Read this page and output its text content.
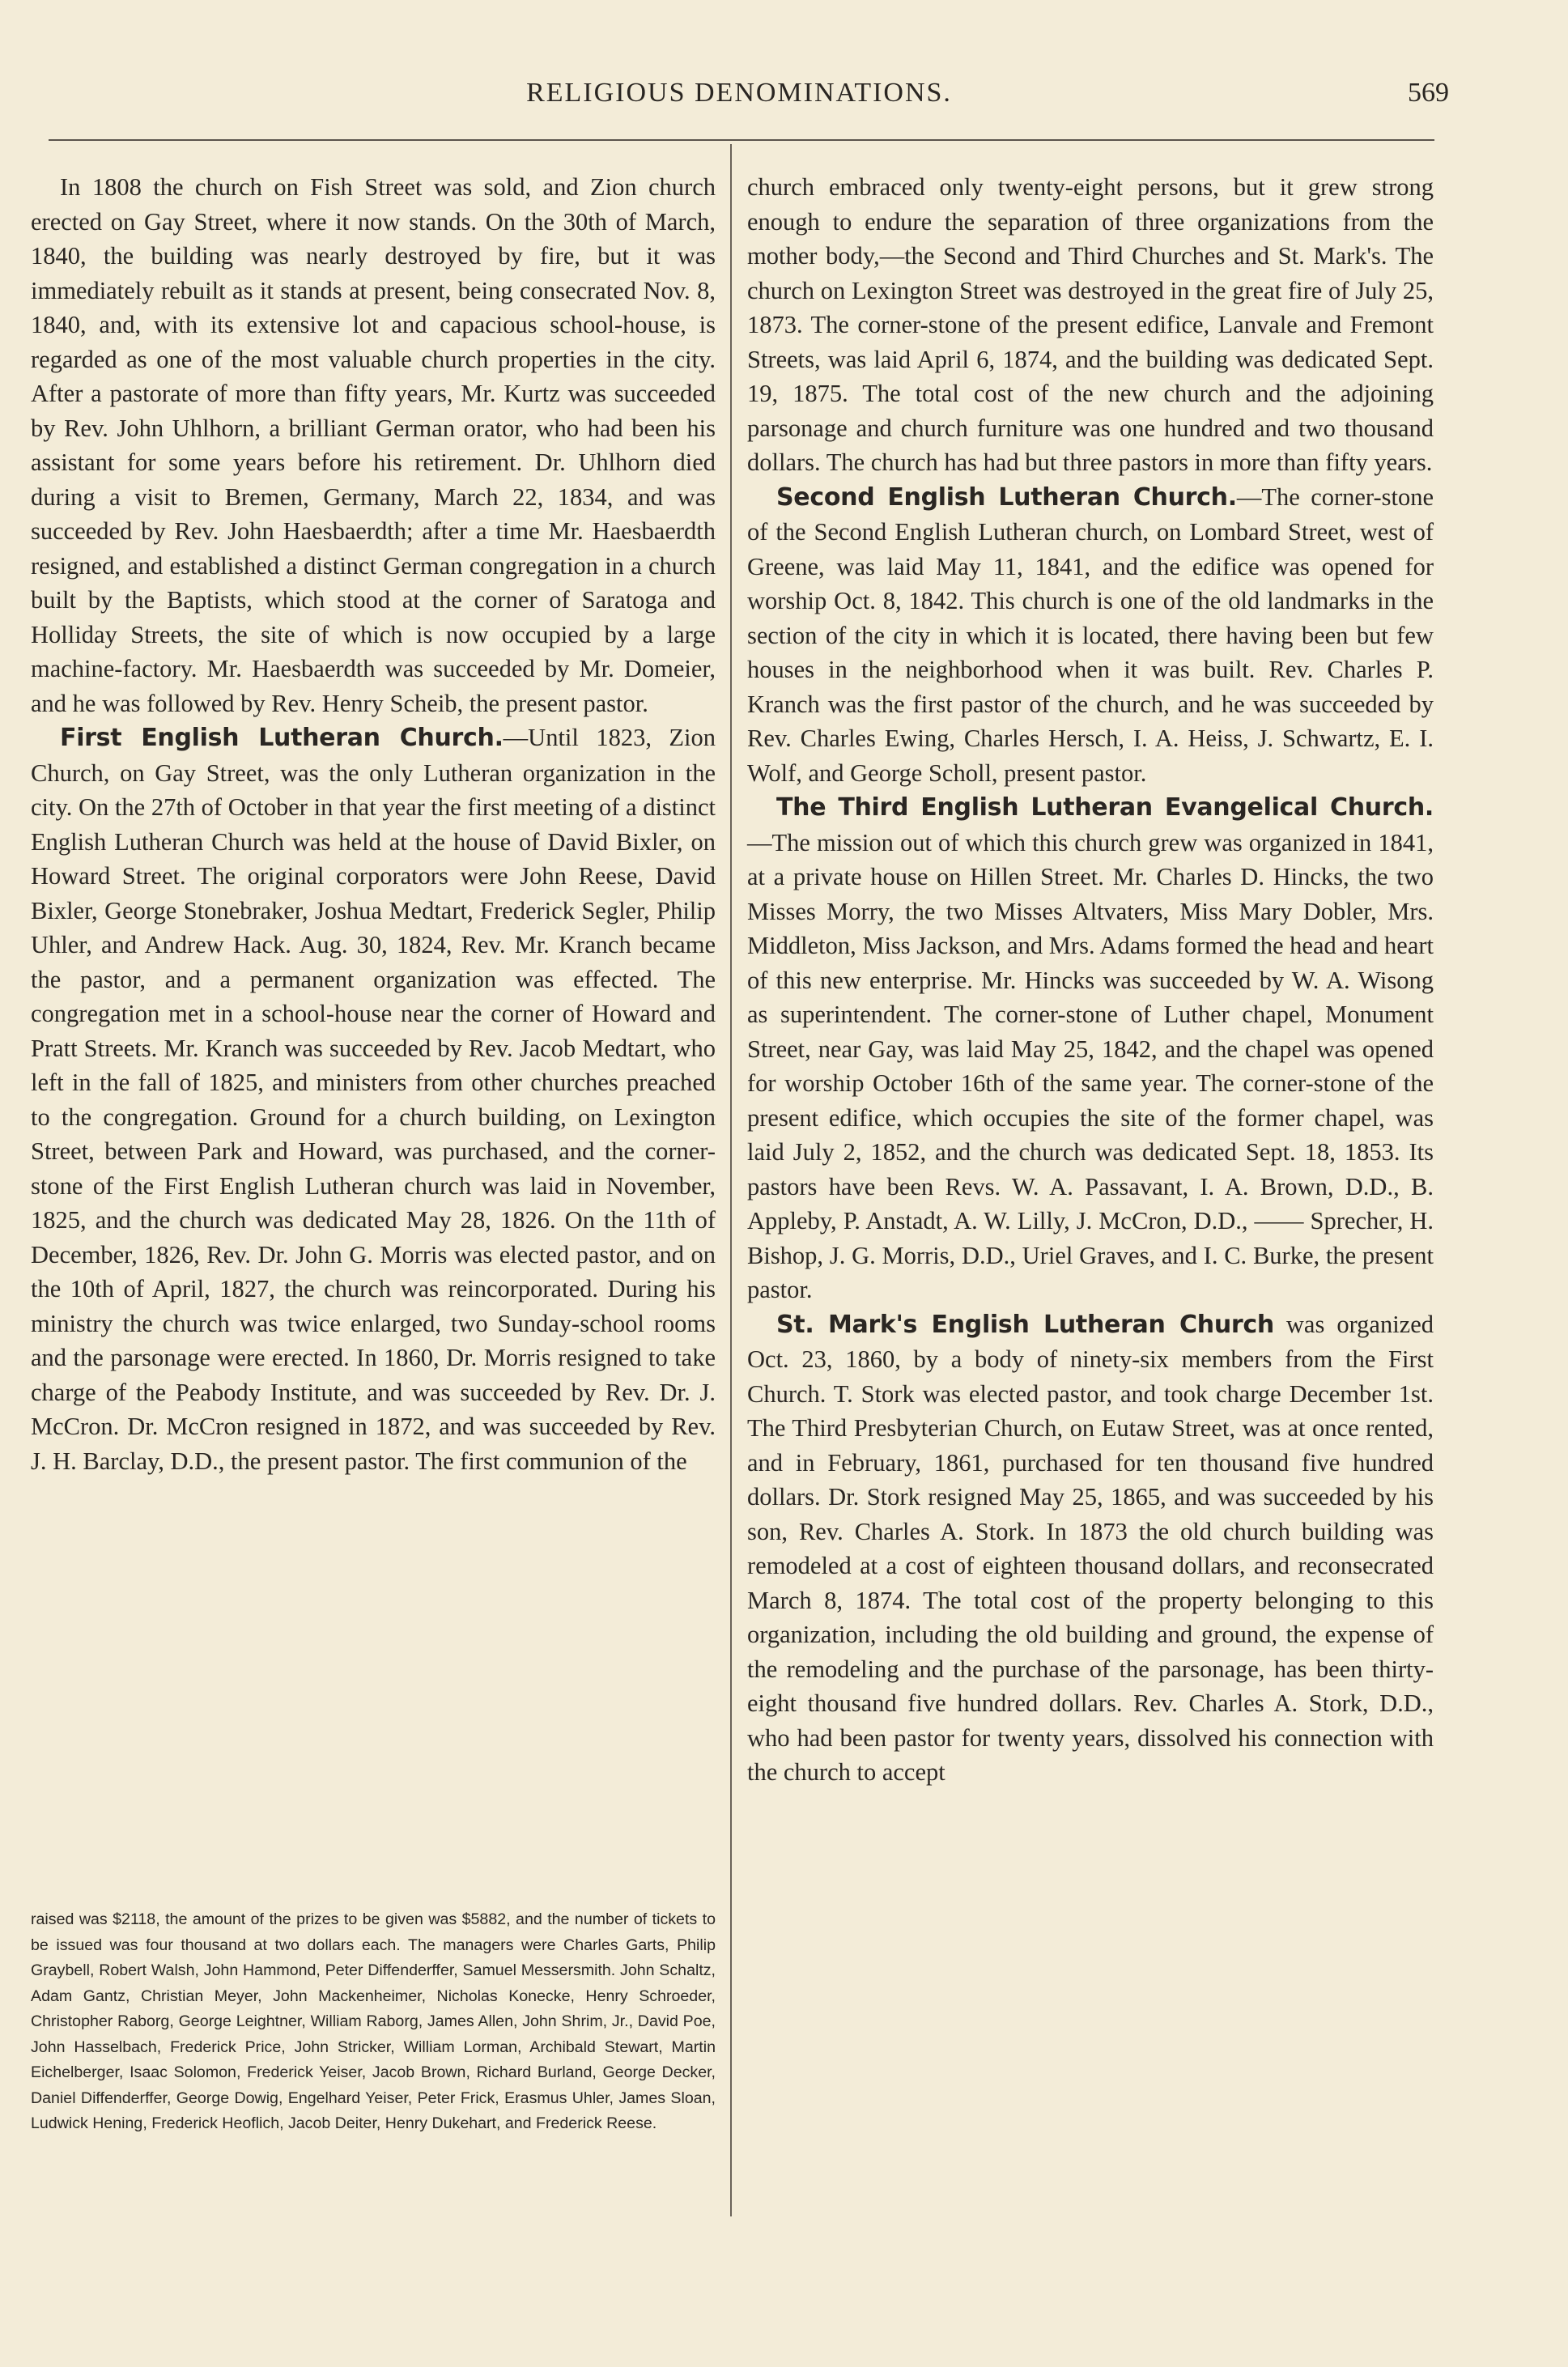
RELIGIOUS DENOMINATIONS.	569

In 1808 the church on Fish Street was sold, and Zion church erected on Gay Street, where it now stands. On the 30th of March, 1840, the building was nearly destroyed by fire, but it was immediately rebuilt as it stands at present, being consecrated Nov. 8, 1840, and, with its extensive lot and capacious school-house, is regarded as one of the most valuable church properties in the city. After a pastorate of more than fifty years, Mr. Kurtz was succeeded by Rev. John Uhlhorn, a brilliant German orator, who had been his assistant for some years before his retirement. Dr. Uhlhorn died during a visit to Bremen, Germany, March 22, 1834, and was succeeded by Rev. John Haesbaerdth; after a time Mr. Haesbaerdth resigned, and established a distinct German congregation in a church built by the Baptists, which stood at the corner of Saratoga and Holliday Streets, the site of which is now occupied by a large machine-factory. Mr. Haesbaerdth was succeeded by Mr. Domeier, and he was followed by Rev. Henry Scheib, the present pastor.

First English Lutheran Church.—Until 1823, Zion Church, on Gay Street, was the only Lutheran organization in the city. On the 27th of October in that year the first meeting of a distinct English Lutheran Church was held at the house of David Bixler, on Howard Street. The original corporators were John Reese, David Bixler, George Stonebraker, Joshua Medtart, Frederick Segler, Philip Uhler, and Andrew Hack. Aug. 30, 1824, Rev. Mr. Kranch became the pastor, and a permanent organization was effected. The congregation met in a school-house near the corner of Howard and Pratt Streets. Mr. Kranch was succeeded by Rev. Jacob Medtart, who left in the fall of 1825, and ministers from other churches preached to the congregation. Ground for a church building, on Lexington Street, between Park and Howard, was purchased, and the corner-stone of the First English Lutheran church was laid in November, 1825, and the church was dedicated May 28, 1826. On the 11th of December, 1826, Rev. Dr. John G. Morris was elected pastor, and on the 10th of April, 1827, the church was reincorporated. During his ministry the church was twice enlarged, two Sunday-school rooms and the parsonage were erected. In 1860, Dr. Morris resigned to take charge of the Peabody Institute, and was succeeded by Rev. Dr. J. McCron. Dr. McCron resigned in 1872, and was succeeded by Rev. J. H. Barclay, D.D., the present pastor. The first communion of the

raised was $2118, the amount of the prizes to be given was $5882, and the number of tickets to be issued was four thousand at two dollars each. The managers were Charles Garts, Philip Graybell, Robert Walsh, John Hammond, Peter Diffenderffer, Samuel Messersmith. John Schaltz, Adam Gantz, Christian Meyer, John Mackenheimer, Nicholas Konecke, Henry Schroeder, Christopher Raborg, George Leightner, William Raborg, James Allen, John Shrim, Jr., David Poe, John Hasselbach, Frederick Price, John Stricker, William Lorman, Archibald Stewart, Martin Eichelberger, Isaac Solomon, Frederick Yeiser, Jacob Brown, Richard Burland, George Decker, Daniel Diffenderffer, George Dowig, Engelhard Yeiser, Peter Frick, Erasmus Uhler, James Sloan, Ludwick Hening, Frederick Heoflich, Jacob Deiter, Henry Dukehart, and Frederick Reese.

church embraced only twenty-eight persons, but it grew strong enough to endure the separation of three organizations from the mother body,—the Second and Third Churches and St. Mark's. The church on Lexington Street was destroyed in the great fire of July 25, 1873. The corner-stone of the present edifice, Lanvale and Fremont Streets, was laid April 6, 1874, and the building was dedicated Sept. 19, 1875. The total cost of the new church and the adjoining parsonage and church furniture was one hundred and two thousand dollars. The church has had but three pastors in more than fifty years.

Second English Lutheran Church.—The corner-stone of the Second English Lutheran church, on Lombard Street, west of Greene, was laid May 11, 1841, and the edifice was opened for worship Oct. 8, 1842. This church is one of the old landmarks in the section of the city in which it is located, there having been but few houses in the neighborhood when it was built. Rev. Charles P. Kranch was the first pastor of the church, and he was succeeded by Rev. Charles Ewing, Charles Hersch, I. A. Heiss, J. Schwartz, E. I. Wolf, and George Scholl, present pastor.

The Third English Lutheran Evangelical Church.—The mission out of which this church grew was organized in 1841, at a private house on Hillen Street. Mr. Charles D. Hincks, the two Misses Morry, the two Misses Altvaters, Miss Mary Dobler, Mrs. Middleton, Miss Jackson, and Mrs. Adams formed the head and heart of this new enterprise. Mr. Hincks was succeeded by W. A. Wisong as superintendent. The corner-stone of Luther chapel, Monument Street, near Gay, was laid May 25, 1842, and the chapel was opened for worship October 16th of the same year. The corner-stone of the present edifice, which occupies the site of the former chapel, was laid July 2, 1852, and the church was dedicated Sept. 18, 1853. Its pastors have been Revs. W. A. Passavant, I. A. Brown, D.D., B. Appleby, P. Anstadt, A. W. Lilly, J. McCron, D.D., —— Sprecher, H. Bishop, J. G. Morris, D.D., Uriel Graves, and I. C. Burke, the present pastor.

St. Mark's English Lutheran Church was organized Oct. 23, 1860, by a body of ninety-six members from the First Church. T. Stork was elected pastor, and took charge December 1st. The Third Presbyterian Church, on Eutaw Street, was at once rented, and in February, 1861, purchased for ten thousand five hundred dollars. Dr. Stork resigned May 25, 1865, and was succeeded by his son, Rev. Charles A. Stork. In 1873 the old church building was remodeled at a cost of eighteen thousand dollars, and reconsecrated March 8, 1874. The total cost of the property belonging to this organization, including the old building and ground, the expense of the remodeling and the purchase of the parsonage, has been thirty-eight thousand five hundred dollars. Rev. Charles A. Stork, D.D., who had been pastor for twenty years, dissolved his connection with the church to accept
